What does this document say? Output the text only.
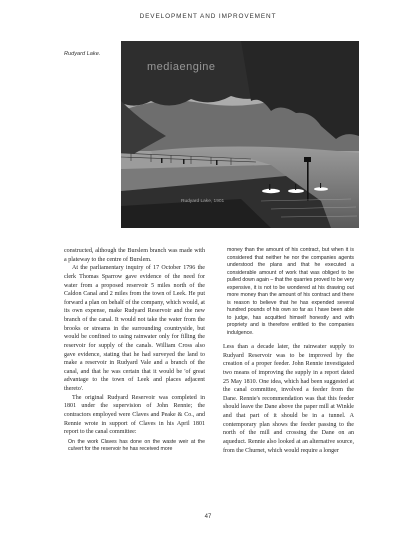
DEVELOPMENT AND IMPROVEMENT
Rudyard Lake.
mediaengine
Rudyard Lake, 1901

constructed, although the Burslem branch was made with a plateway to the centre of Burslem.

At the parliamentary inquiry of 17 October 1796 the clerk Thomas Sparrow gave evidence of the need for water from a proposed reservoir 5 miles north of the Caldon Canal and 2 miles from the town of Leek. He put forward a plan on behalf of the company, which would, at its own expense, make Rudyard Reservoir and the new branch of the canal. It would not take the water from the brooks or streams in the surrounding countryside, but would be confined to using rainwater only for filling the reservoir for supply of the canals. William Cross also gave evidence, stating that he had surveyed the land to make a reservoir in Rudyard Vale and a branch of the canal, and that he was certain that it would be 'of great advantage to the town of Leek and places adjacent thereto'.

The original Rudyard Reservoir was completed in 1801 under the supervision of John Rennie; the contractors employed were Claves and Peake & Co., and Rennie wrote in support of Claves in his April 1801 report to the canal committee:

On the work Claves has done on the waste weir at the culvert for the reservoir he has received more

money than the amount of his contract, but when it is considered that neither he nor the companies agents understood the plans and that he executed a considerable amount of work that was obliged to be pulled down again – that the quarries proved to be very expensive, it is not to be wondered at his drawing out more money than the amount of his contract and there is reason to believe that he has expended several hundred pounds of his own so far as I have been able to judge, has acquitted himself honestly and with propriety and is therefore entitled to the companies indulgence.

Less than a decade later, the rainwater supply to Rudyard Reservoir was to be improved by the creation of a proper feeder. John Rennie investigated two means of improving the supply in a report dated 25 May 1810. One idea, which had been suggested at the canal committee, involved a feeder from the Dane. Rennie's recommendation was that this feeder should leave the Dane above the paper mill at Winkle and that part of it should be in a tunnel. A contemporary plan shows the feeder passing to the north of the mill and crossing the Dane on an aqueduct. Rennie also looked at an alternative source, from the Churnet, which would require a longer

47
